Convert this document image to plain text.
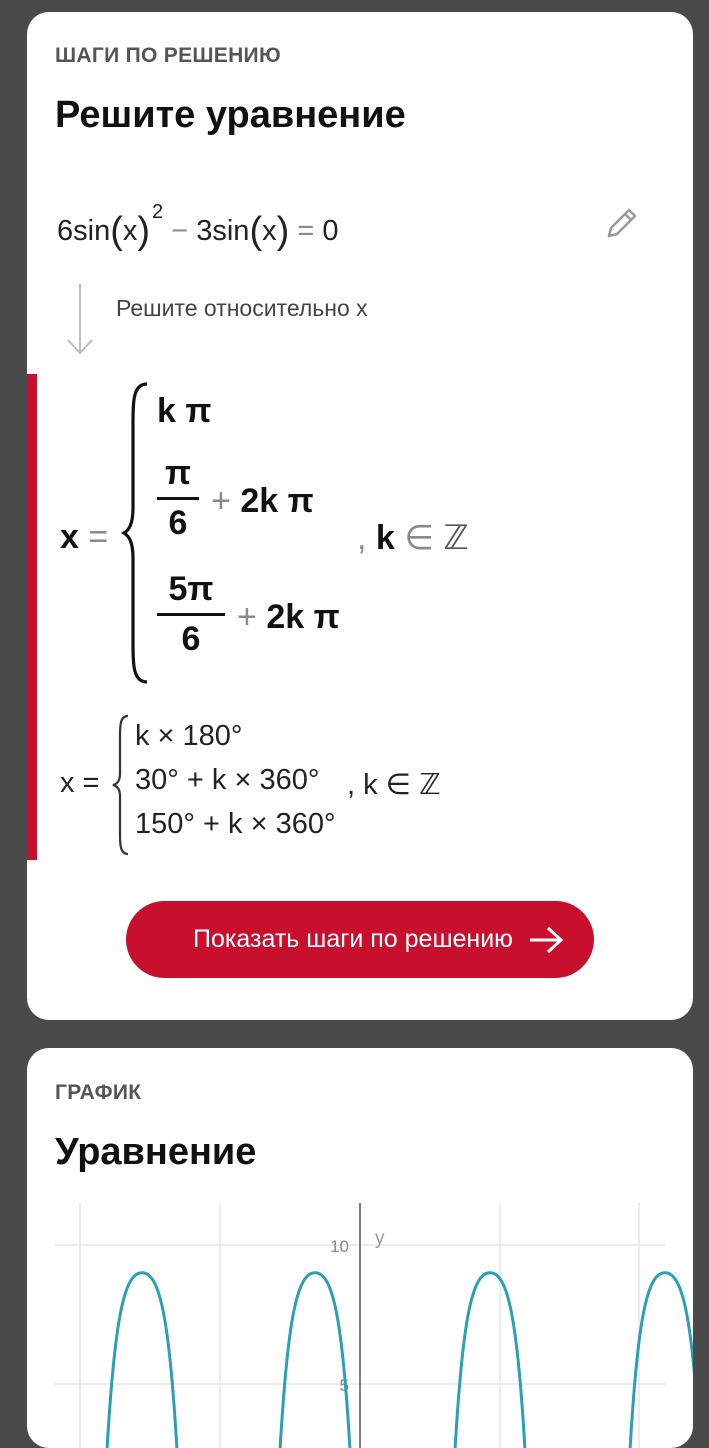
ШАГИ ПО РЕШЕНИЮ
Решите уравнение
6sin(x) $^2$ − 3sin(x) = 0
Решите относительно x
x =
k π
π
6
+ 2k π
5π
6
+ 2k π
, k ∈ ℤ
x =
k × 180°
30° + k × 360°
150° + k × 360°
, k ∈ ℤ
Показать шаги по решению
ГРАФИК
Уравнение
y
10
5
